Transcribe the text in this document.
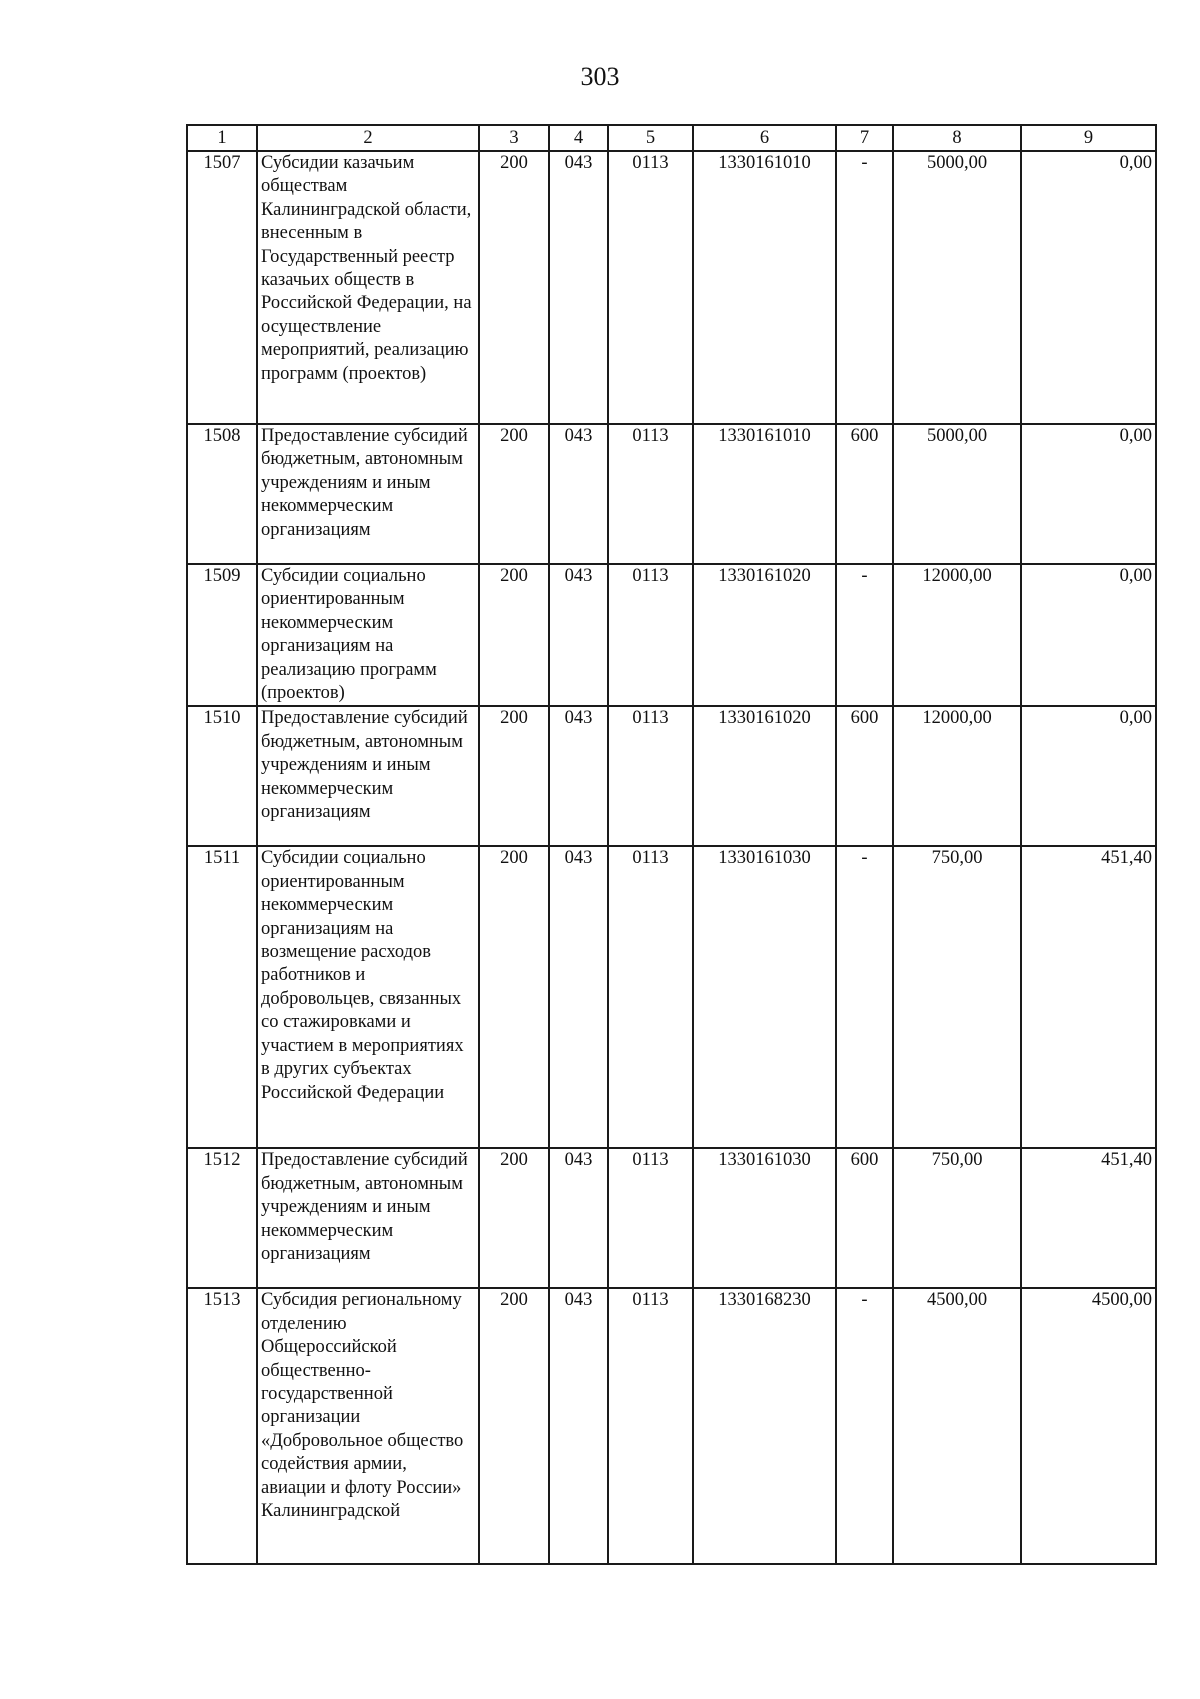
303
1	2	3	4	5	6	7	8	9
1507	Субсидии казачьим обществам Калининградской области, внесенным в Государственный реестр казачьих обществ в Российской Федерации, на осуществление мероприятий, реализацию программ (проектов)	200	043	0113	1330161010	-	5000,00	0,00
1508	Предоставление субсидий бюджетным, автономным учреждениям и иным некоммерческим организациям	200	043	0113	1330161010	600	5000,00	0,00
1509	Субсидии социально ориентированным некоммерческим организациям на реализацию программ (проектов)	200	043	0113	1330161020	-	12000,00	0,00
1510	Предоставление субсидий бюджетным, автономным учреждениям и иным некоммерческим организациям	200	043	0113	1330161020	600	12000,00	0,00
1511	Субсидии социально ориентированным некоммерческим организациям на возмещение расходов работников и добровольцев, связанных со стажировками и участием в мероприятиях в других субъектах Российской Федерации	200	043	0113	1330161030	-	750,00	451,40
1512	Предоставление субсидий бюджетным, автономным учреждениям и иным некоммерческим организациям	200	043	0113	1330161030	600	750,00	451,40
1513	Субсидия региональному отделению Общероссийской общественно-государственной организации «Добровольное общество содействия армии, авиации и флоту России» Калининградской	200	043	0113	1330168230	-	4500,00	4500,00
